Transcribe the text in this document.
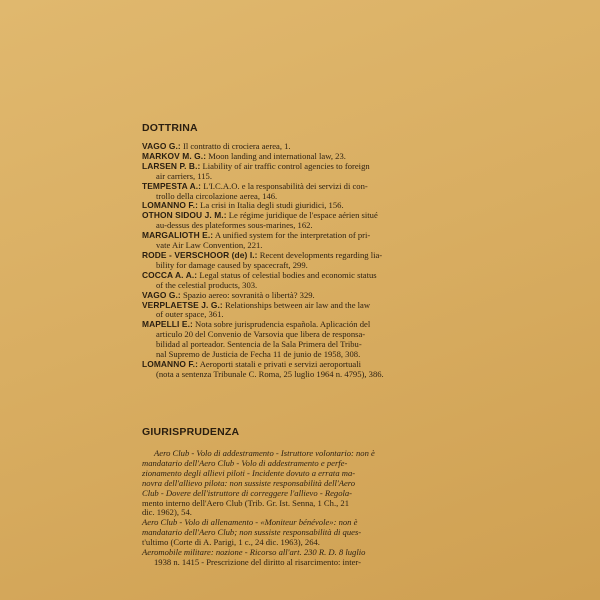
DOTTRINA

VAGO G.: Il contratto di crociera aerea, 1.

MARKOV M. G.: Moon landing and international law, 23.

LARSEN P. B.: Liability of air traffic control agencies to foreign
air carriers, 115.

TEMPESTA A.: L'I.C.A.O. e la responsabilità dei servizi di con-
trollo della circolazione aerea, 146.

LOMANNO F.: La crisi in Italia degli studi giuridici, 156.

OTHON SIDOU J. M.: Le régime juridique de l'espace aérien situé
au-dessus des plateformes sous-marines, 162.

MARGALIOTH E.: A unified system for the interpretation of pri-
vate Air Law Convention, 221.

RODE - VERSCHOOR (de) I.: Recent developments regarding lia-
bility for damage caused by spacecraft, 299.

COCCA A. A.: Legal status of celestial bodies and economic status
of the celestial products, 303.

VAGO G.: Spazio aereo: sovranità o libertà? 329.

VERPLAETSE J. G.: Relationships between air law and the law
of outer space, 361.

MAPELLI E.: Nota sobre jurisprudencia española. Aplicación del
articulo 20 del Convenio de Varsovia que libera de responsa-
bilidad al porteador. Sentencia de la Sala Primera del Tribu-
nal Supremo de Justicia de Fecha 11 de junio de 1958, 308.

LOMANNO F.: Aeroporti statali e privati e servizi aeroportuali
(nota a sentenza Tribunale C. Roma, 25 luglio 1964 n. 4795), 386.

GIURISPRUDENZA
Aero Club - Volo di addestramento - Istruttore volontario: non è
mandatario dell'Aero Club - Volo di addestramento e perfe-
zionamento degli allievi piloti - Incidente dovuto a errata ma-
novra dell'allievo pilota: non sussiste responsabilità dell'Aero
Club - Dovere dell'istruttore di correggere l'allievo - Regola-
mento interno dell'Aero Club (Trib. Gr. Ist. Senna, 1 Ch., 21
dic. 1962), 54.
Aero Club - Volo di allenamento - «Moniteur bénévole»: non è
mandatario dell'Aero Club; non sussiste responsabilità di ques-
t'ultimo (Corte di A. Parigi, 1 c., 24 dic. 1963), 264.
Aeromobile militare: nozione - Ricorso all'art. 230 R. D. 8 luglio
1938 n. 1415 - Prescrizione del diritto al risarcimento: inter-
